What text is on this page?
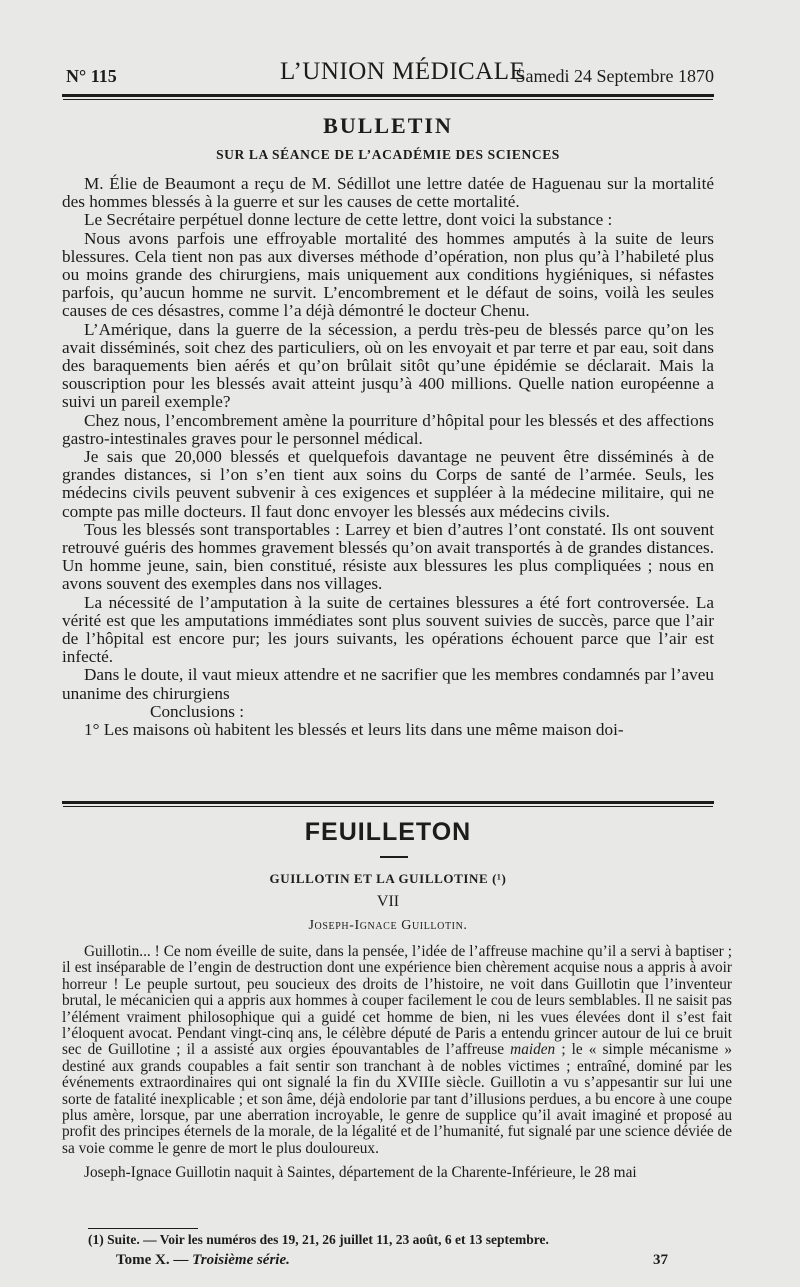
N° 115	L’UNION MÉDICALE
Samedi 24 Septembre 1870
BULLETIN
SUR LA SÉANCE DE L’ACADÉMIE DES SCIENCES

M. Élie de Beaumont a reçu de M. Sédillot une lettre datée de Haguenau sur la mortalité des hommes blessés à la guerre et sur les causes de cette mortalité.

Le Secrétaire perpétuel donne lecture de cette lettre, dont voici la substance :

Nous avons parfois une effroyable mortalité des hommes amputés à la suite de leurs blessures. Cela tient non pas aux diverses méthode d’opération, non plus qu’à l’habileté plus ou moins grande des chirurgiens, mais uniquement aux conditions hygiéniques, si néfastes parfois, qu’aucun homme ne survit. L’encombrement et le défaut de soins, voilà les seules causes de ces désastres, comme l’a déjà démontré le docteur Chenu.

L’Amérique, dans la guerre de la sécession, a perdu très-peu de blessés parce qu’on les avait disséminés, soit chez des particuliers, où on les envoyait et par terre et par eau, soit dans des baraquements bien aérés et qu’on brûlait sitôt qu’une épidémie se déclarait. Mais la souscription pour les blessés avait atteint jusqu’à 400 millions. Quelle nation européenne a suivi un pareil exemple?

Chez nous, l’encombrement amène la pourriture d’hôpital pour les blessés et des affections gastro-intestinales graves pour le personnel médical.

Je sais que 20,000 blessés et quelquefois davantage ne peuvent être disséminés à de grandes distances, si l’on s’en tient aux soins du Corps de santé de l’armée. Seuls, les médecins civils peuvent subvenir à ces exigences et suppléer à la médecine militaire, qui ne compte pas mille docteurs. Il faut donc envoyer les blessés aux médecins civils.

Tous les blessés sont transportables : Larrey et bien d’autres l’ont constaté. Ils ont souvent retrouvé guéris des hommes gravement blessés qu’on avait transportés à de grandes distances. Un homme jeune, sain, bien constitué, résiste aux blessures les plus compliquées ; nous en avons souvent des exemples dans nos villages.

La nécessité de l’amputation à la suite de certaines blessures a été fort controversée. La vérité est que les amputations immédiates sont plus souvent suivies de succès, parce que l’air de l’hôpital est encore pur; les jours suivants, les opérations échouent parce que l’air est infecté.

Dans le doute, il vaut mieux attendre et ne sacrifier que les membres condamnés par l’aveu unanime des chirurgiens

Conclusions :

1° Les maisons où habitent les blessés et leurs lits dans une même maison doi-

FEUILLETON
GUILLOTIN ET LA GUILLOTINE (¹)
VII
Joseph-Ignace Guillotin.

Guillotin... ! Ce nom éveille de suite, dans la pensée, l’idée de l’affreuse machine qu’il a servi à baptiser ; il est inséparable de l’engin de destruction dont une expérience bien chèrement acquise nous a appris à avoir horreur ! Le peuple surtout, peu soucieux des droits de l’histoire, ne voit dans Guillotin que l’inventeur brutal, le mécanicien qui a appris aux hommes à couper facilement le cou de leurs semblables. Il ne saisit pas l’élément vraiment philosophique qui a guidé cet homme de bien, ni les vues élevées dont il s’est fait l’éloquent avocat. Pendant vingt-cinq ans, le célèbre député de Paris a entendu grincer autour de lui ce bruit sec de Guillotine ; il a assisté aux orgies épouvantables de l’affreuse maiden ; le « simple mécanisme » destiné aux grands coupables a fait sentir son tranchant à de nobles victimes ; entraîné, dominé par les événements extraordinaires qui ont signalé la fin du XVIIIe siècle. Guillotin a vu s’appesantir sur lui une sorte de fatalité inexplicable ; et son âme, déjà endolorie par tant d’illusions perdues, a bu encore à une coupe plus amère, lorsque, par une aberration incroyable, le genre de supplice qu’il avait imaginé et proposé au profit des principes éternels de la morale, de la légalité et de l’humanité, fut signalé par une science déviée de sa voie comme le genre de mort le plus douloureux.

Joseph-Ignace Guillotin naquit à Saintes, département de la Charente-Inférieure, le 28 mai

(1) Suite. — Voir les numéros des 19, 21, 26 juillet 11, 23 août, 6 et 13 septembre.
Tome X. — Troisième série.	37
